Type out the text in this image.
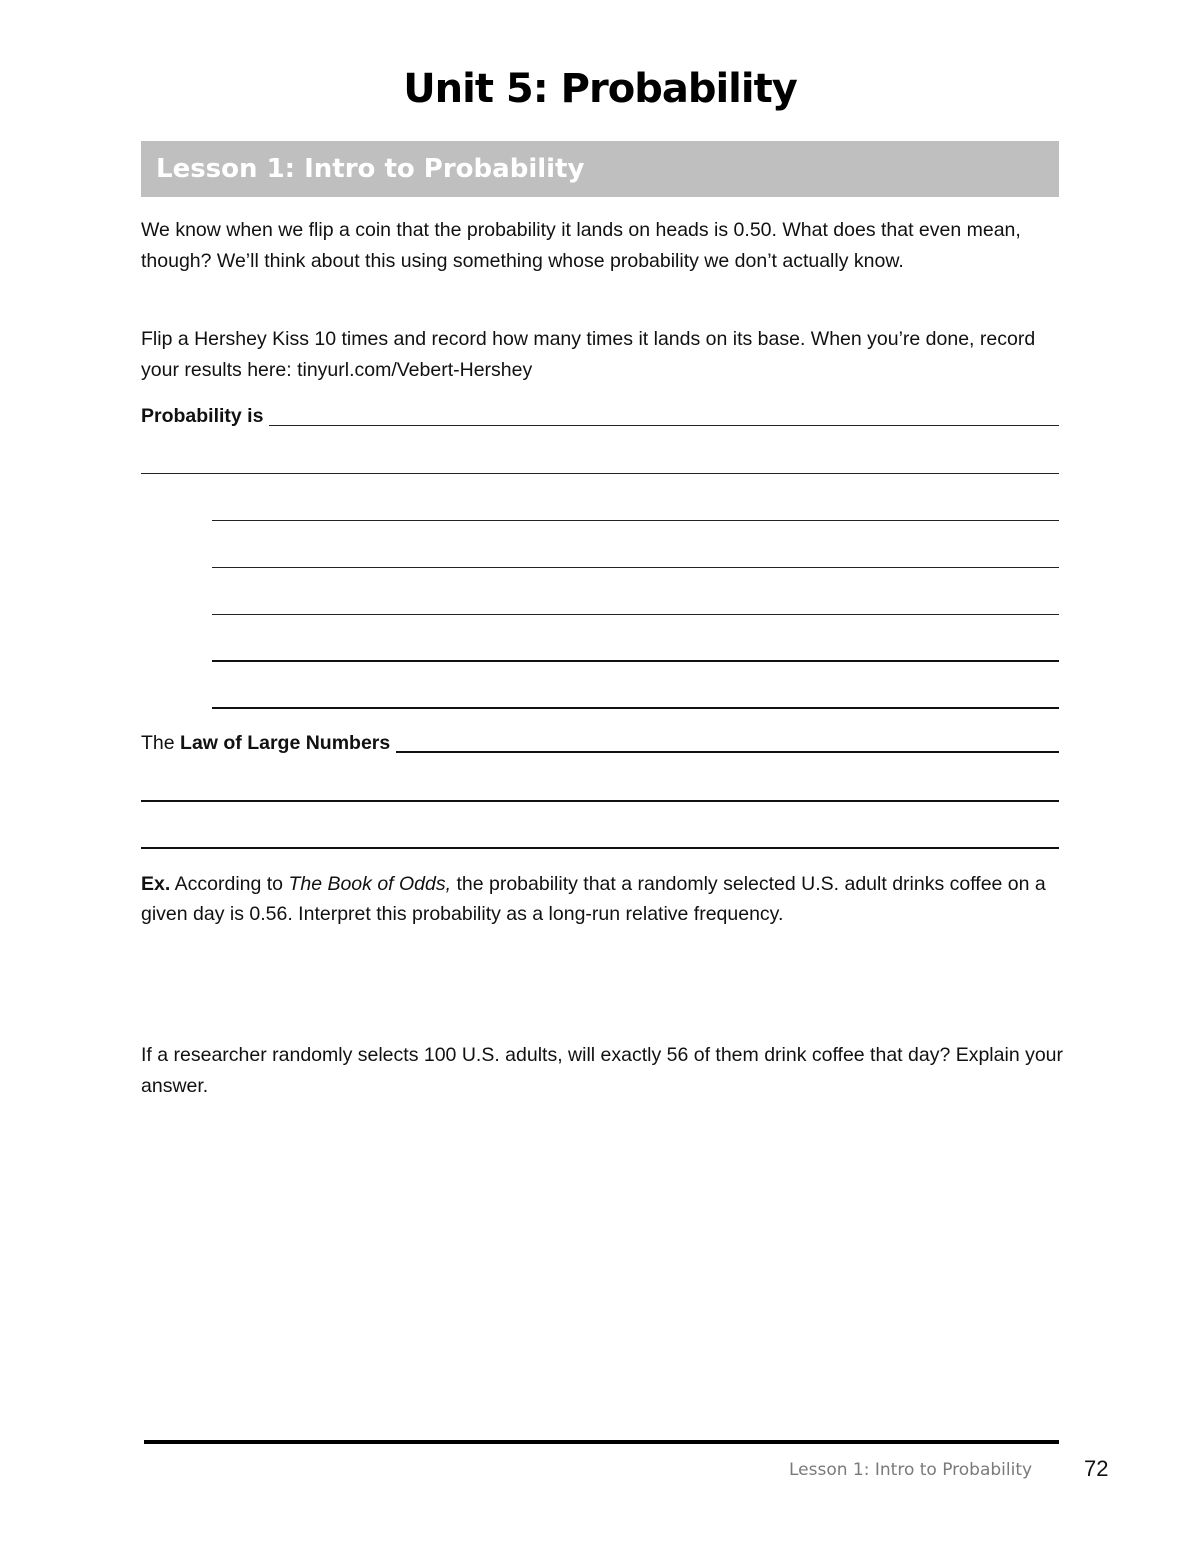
Unit 5: Probability
Lesson 1: Intro to Probability

We know when we flip a coin that the probability it lands on heads is 0.50. What does that even mean, though? We’ll think about this using something whose probability we don’t actually know.

Flip a Hershey Kiss 10 times and record how many times it lands on its base. When you’re done, record your results here: tinyurl.com/Vebert-Hershey

Probability is
The Law of Large Numbers

Ex. According to The Book of Odds, the probability that a randomly selected U.S. adult drinks coffee on a given day is 0.56. Interpret this probability as a long-run relative frequency.

If a researcher randomly selects 100 U.S. adults, will exactly 56 of them drink coffee that day? Explain your answer.

Lesson 1: Intro to Probability 72
